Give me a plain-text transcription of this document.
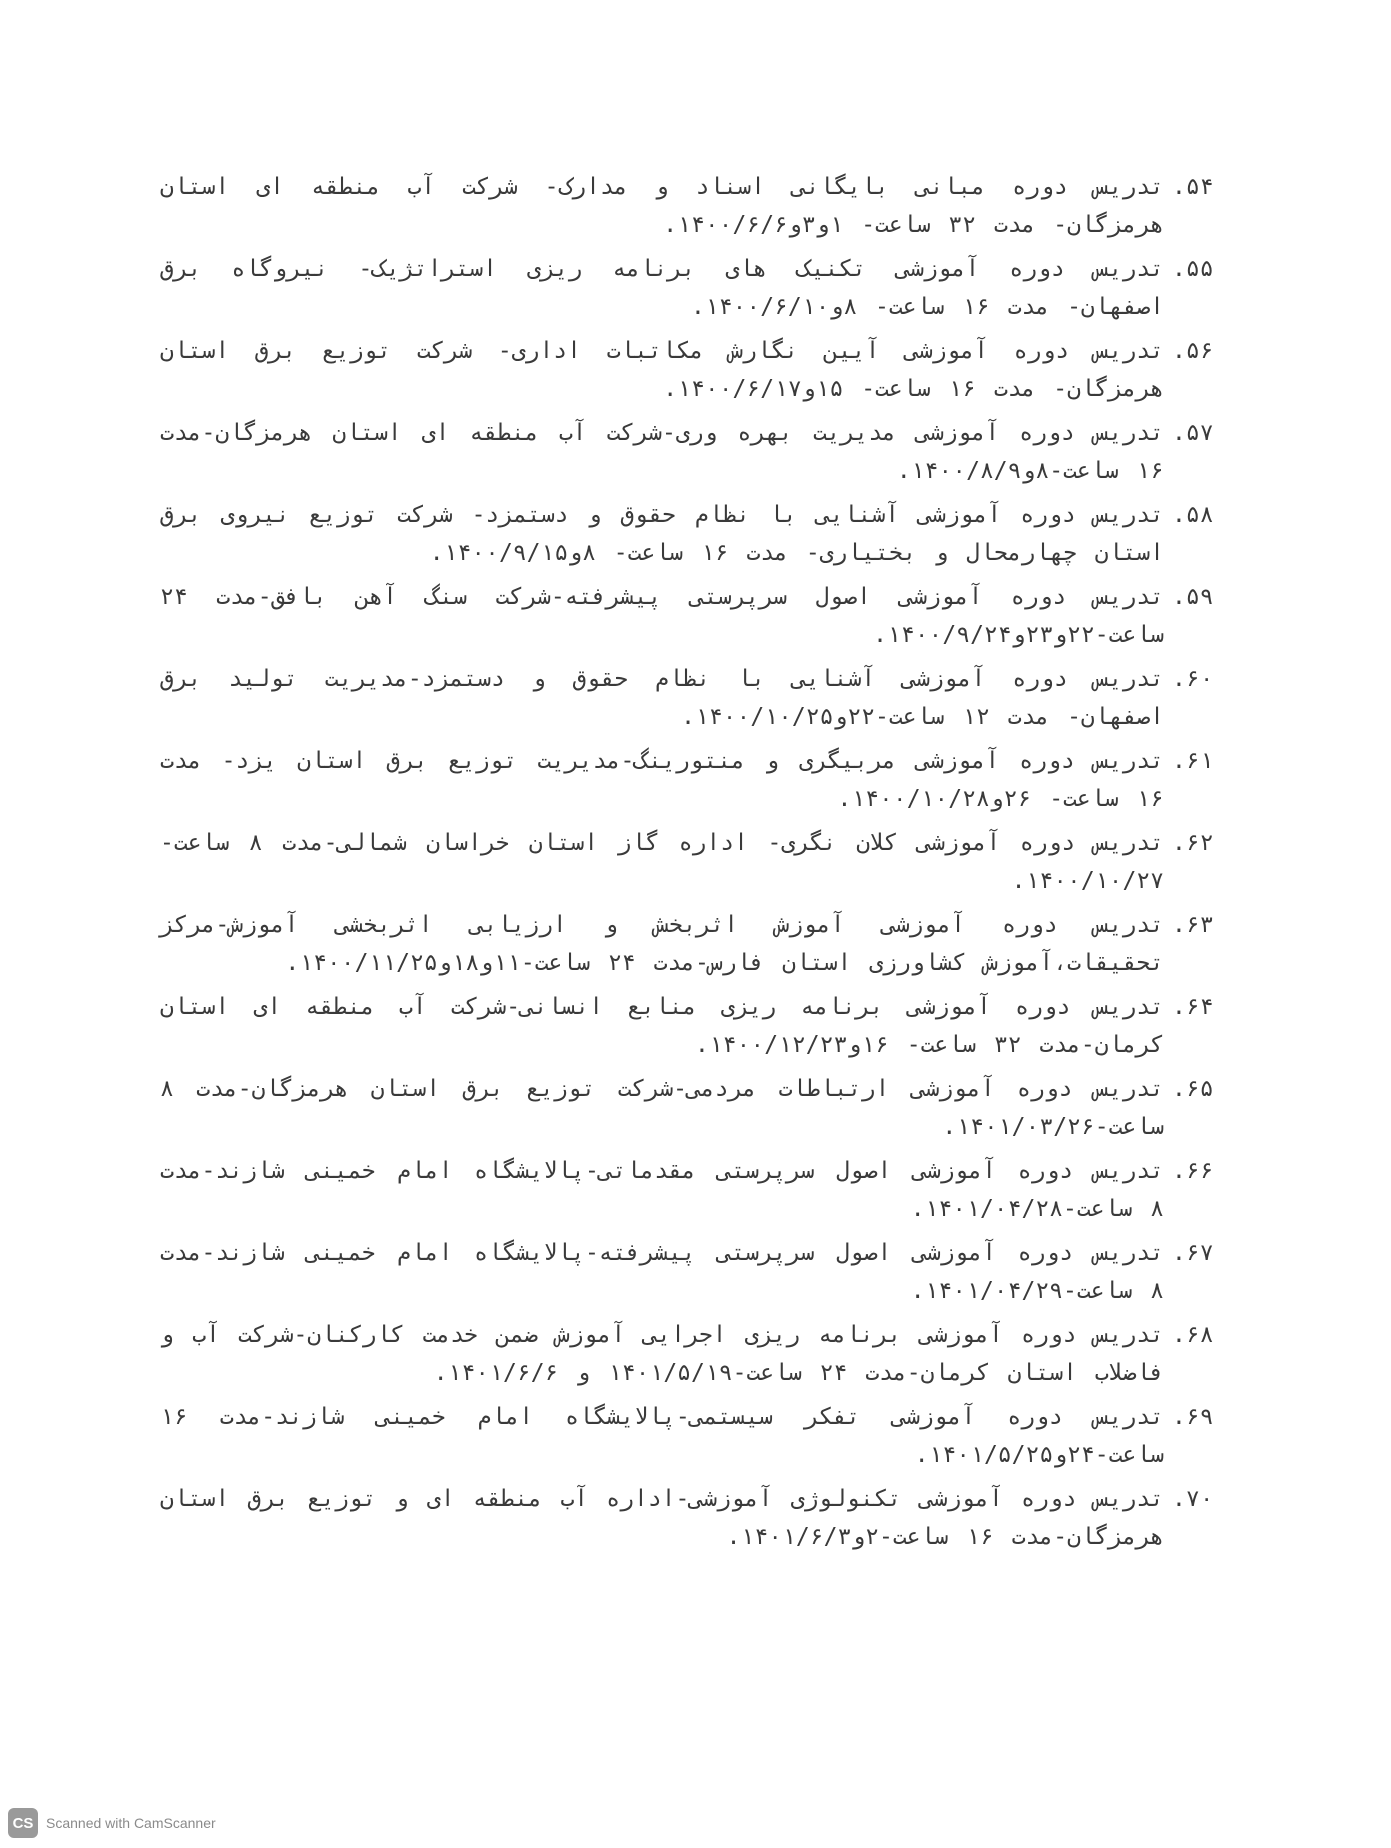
۵۴.
تدریس دوره مبانی بایگانی اسناد و مدارک- شرکت آب منطقه ای استان هرمزگان- مدت ۳۲ ساعت- ۱و۳و۱۴۰۰/۶/۶.
۵۵.
تدریس دوره آموزشی تکنیک های برنامه ریزی استراتژیک- نیروگاه برق اصفهان- مدت ۱۶ ساعت- ۸و۱۴۰۰/۶/۱۰.
۵۶.
تدریس دوره آموزشی آیین نگارش مکاتبات اداری- شرکت توزیع برق استان هرمزگان- مدت ۱۶ ساعت- ۱۵و۱۴۰۰/۶/۱۷.
۵۷.
تدریس دوره آموزشی مدیریت بهره وری-شرکت آب منطقه ای استان هرمزگان-مدت ۱۶ ساعت-۸و۱۴۰۰/۸/۹.
۵۸.
تدریس دوره آموزشی آشنایی با نظام حقوق و دستمزد- شرکت توزیع نیروی برق استان چهارمحال و بختیاری- مدت ۱۶ ساعت- ۸و۱۴۰۰/۹/۱۵.
۵۹.
تدریس دوره آموزشی اصول سرپرستی پیشرفته-شرکت سنگ آهن بافق-مدت ۲۴ ساعت-۲۲و۲۳و۱۴۰۰/۹/۲۴.
۶۰.
تدریس دوره آموزشی آشنایی با نظام حقوق و دستمزد-مدیریت تولید برق اصفهان- مدت ۱۲ ساعت-۲۲و۱۴۰۰/۱۰/۲۵.
۶۱.
تدریس دوره آموزشی مربیگری و منتورینگ-مدیریت توزیع برق استان یزد- مدت ۱۶ ساعت- ۲۶و۱۴۰۰/۱۰/۲۸.
۶۲.
تدریس دوره آموزشی کلان نگری- اداره گاز استان خراسان شمالی-مدت ۸ ساعت- ۱۴۰۰/۱۰/۲۷.
۶۳.
تدریس دوره آموزشی آموزش اثربخش و ارزیابی اثربخشی آموزش-مرکز تحقیقات،آموزش کشاورزی استان فارس-مدت ۲۴ ساعت-۱۱و۱۸و۱۴۰۰/۱۱/۲۵.
۶۴.
تدریس دوره آموزشی برنامه ریزی منابع انسانی-شرکت آب منطقه ای استان کرمان-مدت ۳۲ ساعت- ۱۶و۱۴۰۰/۱۲/۲۳.
۶۵.
تدریس دوره آموزشی ارتباطات مردمی-شرکت توزیع برق استان هرمزگان-مدت ۸ ساعت-۱۴۰۱/۰۳/۲۶.
۶۶.
تدریس دوره آموزشی اصول سرپرستی مقدماتی-پالایشگاه امام خمینی شازند-مدت ۸ ساعت-۱۴۰۱/۰۴/۲۸.
۶۷.
تدریس دوره آموزشی اصول سرپرستی پیشرفته-پالایشگاه امام خمینی شازند-مدت ۸ ساعت-۱۴۰۱/۰۴/۲۹.
۶۸.
تدریس دوره آموزشی برنامه ریزی اجرایی آموزش ضمن خدمت کارکنان-شرکت آب و فاضلاب استان کرمان-مدت ۲۴ ساعت-۱۴۰۱/۵/۱۹ و ۱۴۰۱/۶/۶.
۶۹.
تدریس دوره آموزشی تفکر سیستمی-پالایشگاه امام خمینی شازند-مدت ۱۶ ساعت-۲۴و۱۴۰۱/۵/۲۵.
۷۰.
تدریس دوره آموزشی تکنولوژی آموزشی-اداره آب منطقه ای و توزیع برق استان هرمزگان-مدت ۱۶ ساعت-۲و۱۴۰۱/۶/۳.
CS Scanned with CamScanner
